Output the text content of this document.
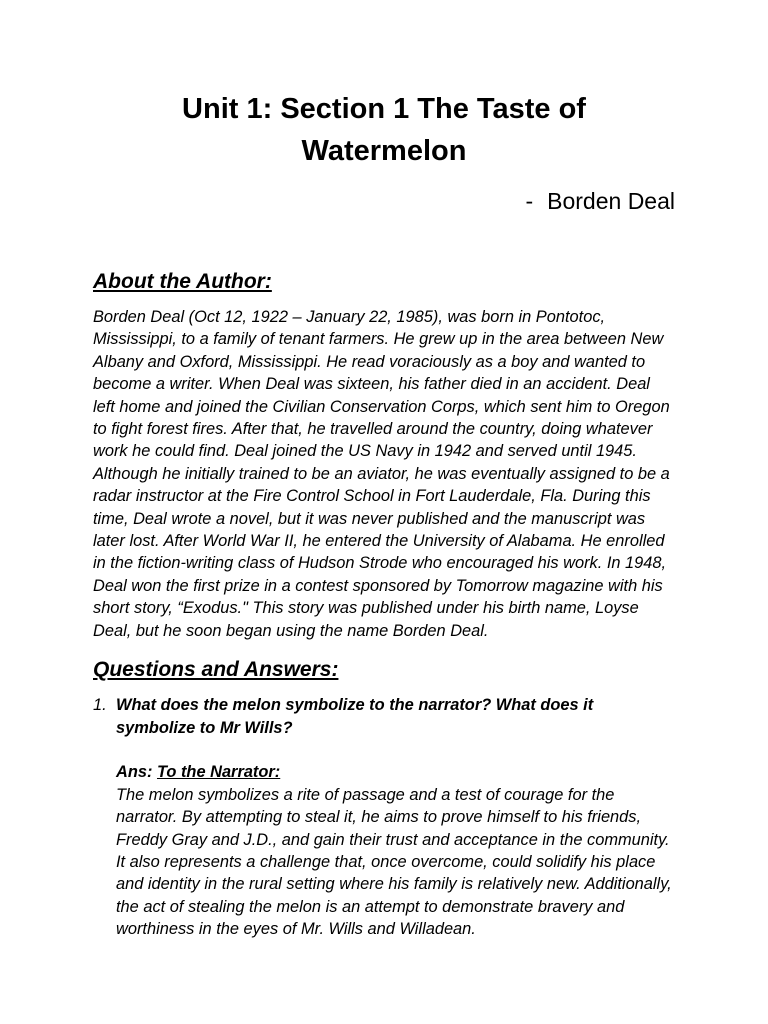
Unit 1: Section 1 The Taste of Watermelon
- Borden Deal
About the Author:

Borden Deal (Oct 12, 1922 – January 22, 1985), was born in Pontotoc, Mississippi, to a family of tenant farmers. He grew up in the area between New Albany and Oxford, Mississippi. He read voraciously as a boy and wanted to become a writer. When Deal was sixteen, his father died in an accident. Deal left home and joined the Civilian Conservation Corps, which sent him to Oregon to fight forest fires. After that, he travelled around the country, doing whatever work he could find. Deal joined the US Navy in 1942 and served until 1945. Although he initially trained to be an aviator, he was eventually assigned to be a radar instructor at the Fire Control School in Fort Lauderdale, Fla. During this time, Deal wrote a novel, but it was never published and the manuscript was later lost. After World War II, he entered the University of Alabama. He enrolled in the fiction-writing class of Hudson Strode who encouraged his work. In 1948, Deal won the first prize in a contest sponsored by Tomorrow magazine with his short story, “Exodus." This story was published under his birth name, Loyse Deal, but he soon began using the name Borden Deal.

Questions and Answers:
1. What does the melon symbolize to the narrator? What does it symbolize to Mr Wills?
Ans: To the Narrator:

The melon symbolizes a rite of passage and a test of courage for the narrator. By attempting to steal it, he aims to prove himself to his friends, Freddy Gray and J.D., and gain their trust and acceptance in the community. It also represents a challenge that, once overcome, could solidify his place and identity in the rural setting where his family is relatively new. Additionally, the act of stealing the melon is an attempt to demonstrate bravery and worthiness in the eyes of Mr. Wills and Willadean.
